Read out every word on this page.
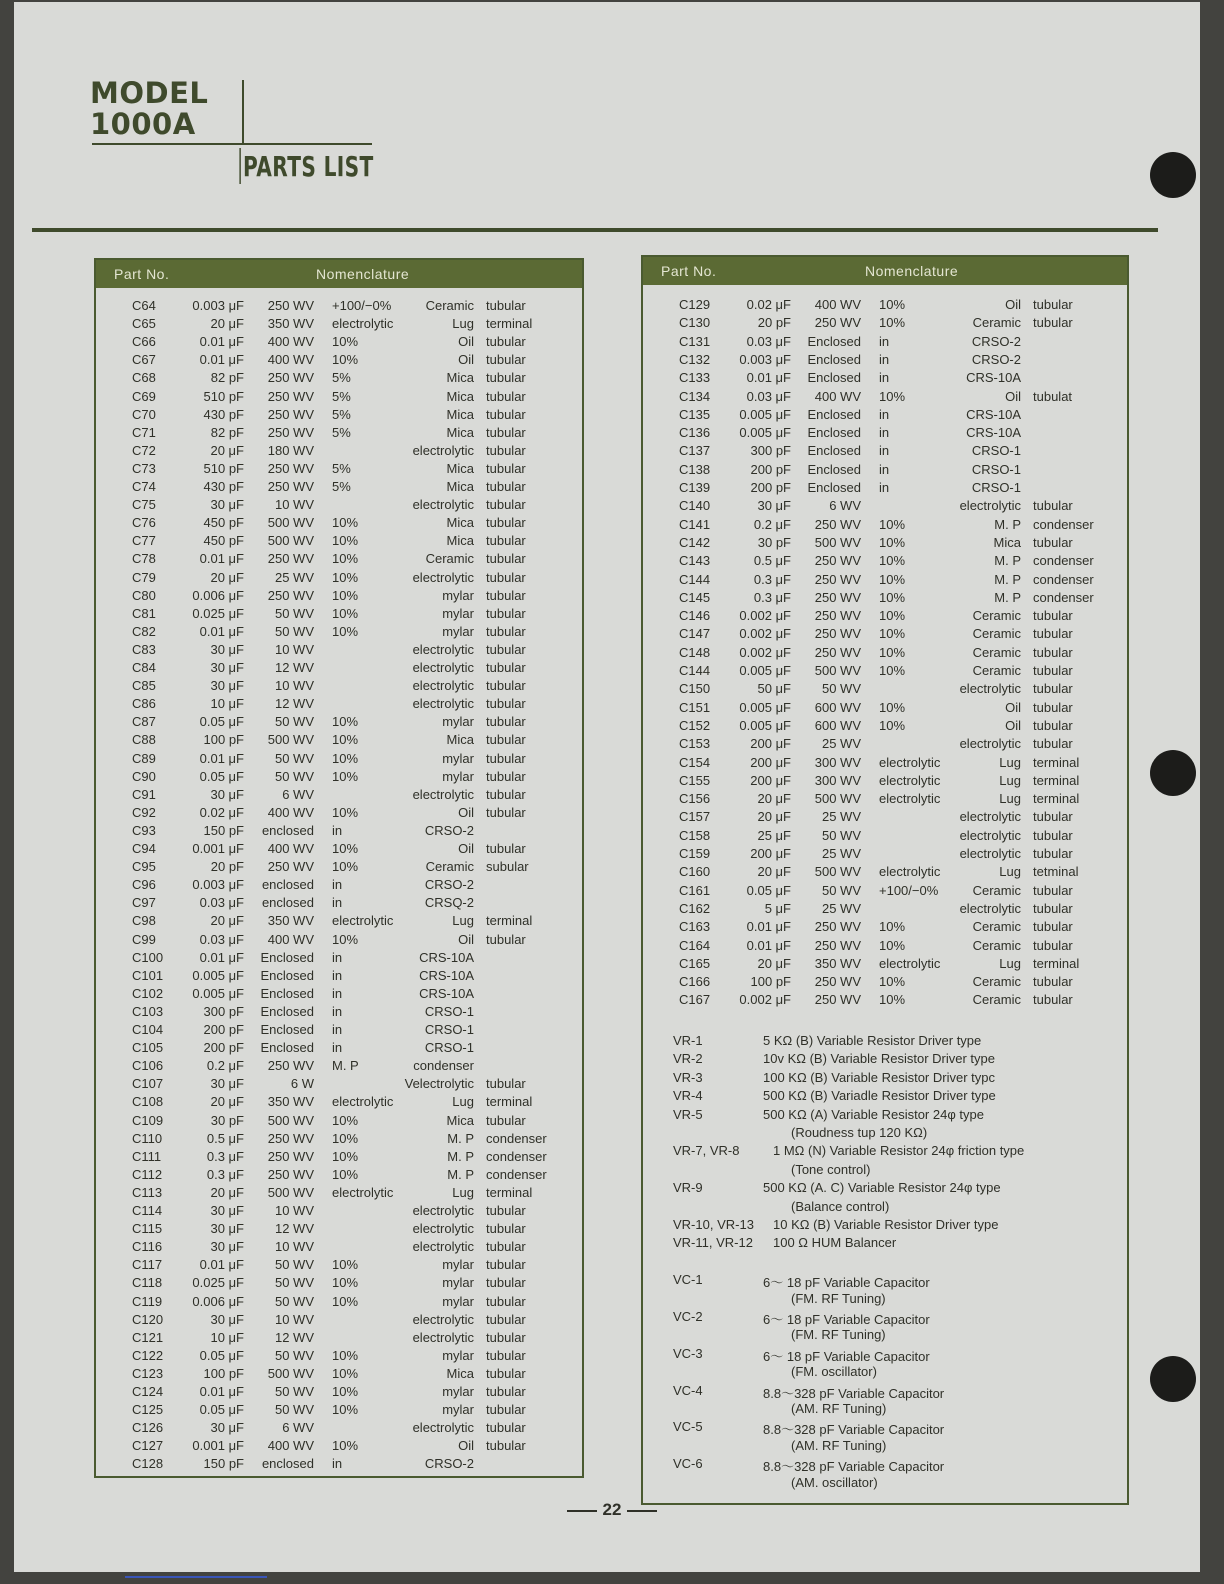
MODEL
1000A
PARTS LIST
Part No.	Nomenclature
C64	0.003 μF 250 WV +100/−0%	Ceramic tubular
C65	20 μF 350 WV electrolytic	Lug terminal
C66	0.01 μF 400 WV 10%	Oil tubular
C67	0.01 μF 400 WV 10%	Oil tubular
C68	82 pF 250 WV 5%	Mica tubular
C69	510 pF 250 WV 5%	Mica tubular
C70	430 pF 250 WV 5%	Mica tubular
C71	82 pF 250 WV 5%	Mica tubular
C72	20 μF 180 WV	electrolytic tubular
C73	510 pF 250 WV 5%	Mica tubular
C74	430 pF 250 WV 5%	Mica tubular
C75	30 μF 10 WV	electrolytic tubular
C76	450 pF 500 WV 10%	Mica tubular
C77	450 pF 500 WV 10%	Mica tubular
C78	0.01 μF 250 WV 10%	Ceramic tubular
C79	20 μF 25 WV 10%	electrolytic tubular
C80	0.006 μF 250 WV 10%	mylar tubular
C81	0.025 μF 50 WV 10%	mylar tubular
C82	0.01 μF 50 WV 10%	mylar tubular
C83	30 μF 10 WV	electrolytic tubular
C84	30 μF 12 WV	electrolytic tubular
C85	30 μF 10 WV	electrolytic tubular
C86	10 μF 12 WV	electrolytic tubular
C87	0.05 μF 50 WV 10%	mylar tubular
C88	100 pF 500 WV 10%	Mica tubular
C89	0.01 μF 50 WV 10%	mylar tubular
C90	0.05 μF 50 WV 10%	mylar tubular
C91	30 μF	6 WV	electrolytic tubular
C92	0.02 μF 400 WV 10%	Oil tubular
C93	150 pF enclosed in	CRSO-2
C94	0.001 μF 400 WV 10%	Oil tubular
C95	20 pF 250 WV 10%	Ceramic subular
C96	0.003 μF enclosed in	CRSO-2
C97	0.03 μF enclosed in	CRSQ-2
C98	20 μF 350 WV electrolytic	Lug terminal
C99	0.03 μF 400 WV 10%	Oil tubular
C100	0.01 μF Enclosed in	CRS-10A
C101 0.005 μF Enclosed in	CRS-10A
C102 0.005 μF Enclosed in	CRS-10A
C103	300 pF Enclosed in	CRSO-1
C104	200 pF Enclosed in	CRSO-1
C105	200 pF Enclosed in	CRSO-1
C106	0.2 μF 250 WV M. P	condenser
C107	30 μF	6 W	Velectrolytic tubular
C108	20 μF 350 WV electrolytic	Lug terminal
C109	30 pF 500 WV 10%	Mica tubular
C110	0.5 μF 250 WV 10%	M. P condenser
C111	0.3 μF 250 WV 10%	M. P condenser
C112	0.3 μF 250 WV 10%	M. P condenser
C113	20 μF 500 WV electrolytic	Lug terminal
C114	30 μF 10 WV	electrolytic tubular
C115	30 μF 12 WV	electrolytic tubular
C116	30 μF 10 WV	electrolytic tubular
C117	0.01 μF 50 WV 10%	mylar tubular
C118 0.025 μF 50 WV 10%	mylar tubular
C119 0.006 μF 50 WV 10%	mylar tubular
C120	30 μF 10 WV	electrolytic tubular
C121	10 μF 12 WV	electrolytic tubular
C122	0.05 μF 50 WV 10%	mylar tubular
C123	100 pF 500 WV 10%	Mica tubular
C124	0.01 μF 50 WV 10%	mylar tubular
C125	0.05 μF 50 WV 10%	mylar tubular
C126	30 μF	6 WV	electrolytic tubular
C127 0.001 μF 400 WV 10%	Oil tubular
C128	150 pF enclosed in	CRSO-2
Part No.	Nomenclature
C129	0.02 μF 400 WV 10%	Oil tubular
C130	20 pF 250 WV 10%	Ceramic tubular
C131	0.03 μF Enclosed in	CRSO-2
C132 0.003 μF Enclosed in	CRSO-2
C133	0.01 μF Enclosed in	CRS-10A
C134	0.03 μF 400 WV 10%	Oil tubulat
C135 0.005 μF Enclosed in	CRS-10A
C136 0.005 μF Enclosed in	CRS-10A
C137	300 pF Enclosed in	CRSO-1
C138	200 pF Enclosed in	CRSO-1
C139	200 pF Enclosed in	CRSO-1
C140	30 μF	6 WV	electrolytic tubular
C141	0.2 μF 250 WV 10%	M. P condenser
C142	30 pF 500 WV 10%	Mica tubular
C143	0.5 μF 250 WV 10%	M. P condenser
C144	0.3 μF 250 WV 10%	M. P condenser
C145	0.3 μF 250 WV 10%	M. P condenser
C146 0.002 μF 250 WV 10%	Ceramic tubular
C147 0.002 μF 250 WV 10%	Ceramic tubular
C148 0.002 μF 250 WV 10%	Ceramic tubular
C144 0.005 μF 500 WV 10%	Ceramic tubular
C150	50 μF 50 WV	electrolytic tubular
C151 0.005 μF 600 WV 10%	Oil tubular
C152 0.005 μF 600 WV 10%	Oil tubular
C153	200 μF 25 WV	electrolytic tubular
C154	200 μF 300 WV electrolytic	Lug terminal
C155	200 μF 300 WV electrolytic	Lug terminal
C156	20 μF 500 WV electrolytic	Lug terminal
C157	20 μF 25 WV	electrolytic tubular
C158	25 μF 50 WV	electrolytic tubular
C159	200 μF 25 WV	electrolytic tubular
C160	20 μF 500 WV electrolytic	Lug tetminal
C161	0.05 μF 50 WV +100/−0%	Ceramic tubular
C162	5 μF 25 WV	electrolytic tubular
C163	0.01 μF 250 WV 10%	Ceramic tubular
C164	0.01 μF 250 WV 10%	Ceramic tubular
C165	20 μF 350 WV electrolytic	Lug terminal
C166	100 pF 250 WV 10%	Ceramic tubular
C167 0.002 μF 250 WV 10%	Ceramic tubular
VR-1	5 KΩ (B) Variable Resistor Driver type
VR-2	10v KΩ (B) Variable Resistor Driver type
VR-3	100 KΩ (B) Variable Resistor Driver typc
VR-4	500 KΩ (B) Variadle Resistor Driver type
VR-5	500 KΩ (A) Variable Resistor 24φ type
(Roudness tup 120 KΩ)
VR-7, VR-8	1 MΩ (N) Variable Resistor 24φ friction type
(Tone control)
VR-9	500 KΩ (A. C) Variable Resistor 24φ type
(Balance control)
VR-10, VR-13 10 KΩ (B) Variable Resistor Driver type
VR-11, VR-12 100 Ω HUM Balancer
VC-1	6～ 18 pF Variable Capacitor
(FM. RF Tuning)
VC-2	6～ 18 pF Variable Capacitor
(FM. RF Tuning)
VC-3	6～ 18 pF Variable Capacitor
(FM. oscillator)
VC-4	8.8～328 pF Variable Capacitor
(AM. RF Tuning)
VC-5	8.8～328 pF Variable Capacitor
(AM. RF Tuning)
VC-6	8.8～328 pF Variable Capacitor
(AM. oscillator)
22
